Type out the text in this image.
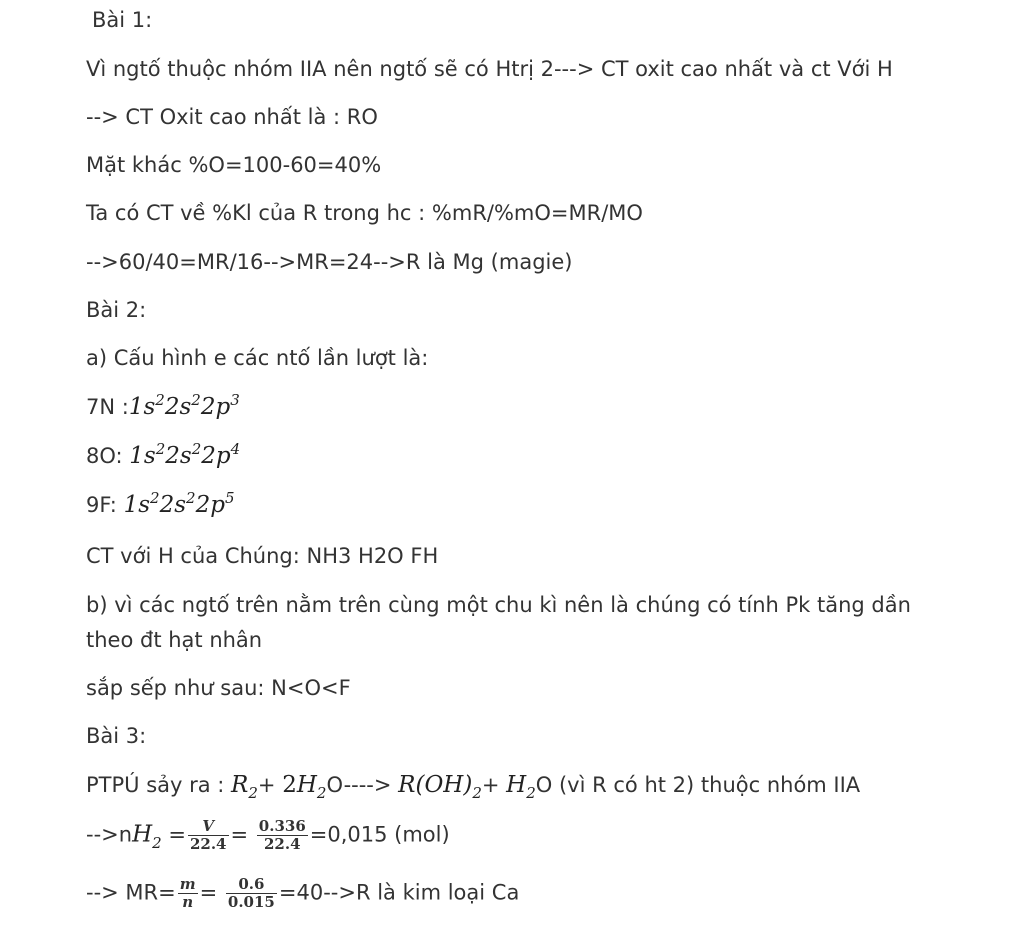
Bài 1:
Vì ngtố thuộc nhóm IIA nên ngtố sẽ có Htrị 2---> CT oxit cao nhất và ct Với H
--> CT Oxit cao nhất là : RO
Mặt khác %O=100-60=40%
Ta có CT về %Kl của R trong hc : %mR/%mO=MR/MO
-->60/40=MR/16-->MR=24-->R là Mg (magie)
Bài 2:
a) Cấu hình e các ntố lần lượt là:
7N $:1s^22s^22p^3$
8O: $1s^22s^22p^4$
9F: $1s^22s^22p^5$
CT với H của Chúng: NH3 H2O FH
b) vì các ngtố trên nằm trên cùng một chu kì nên là chúng có tính Pk tăng dần
theo đt hạt nhân
sắp sếp như sau: N<O<F
Bài 3:
PTPÚ sảy ra : $R_2+ 2H_2O----> R(OH)_2+ H_2O$ (vì R có ht 2) thuộc nhóm IIA
$-->nH_2 = \frac{V}{22.4} = \frac{0.336}{22.4} =0,015$ (mol)
--> $MR= \frac{m}{n} = \frac{0.6}{0.015} =40-->R$ là kim loại Ca
